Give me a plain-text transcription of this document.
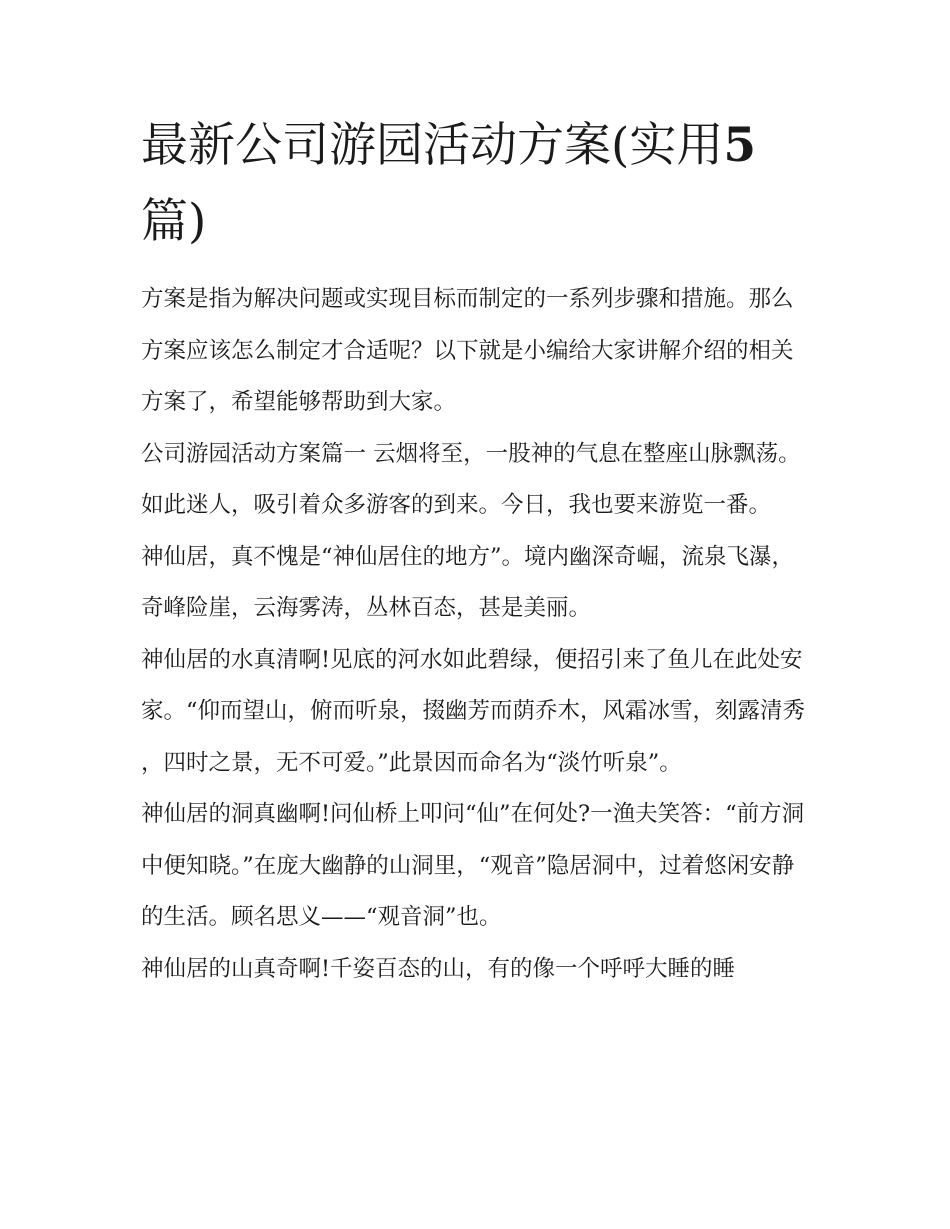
最新公司游园活动方案(实用5篇)

方案是指为解决问题或实现目标而制定的一系列步骤和措施。那么方案应该怎么制定才合适呢？以下就是小编给大家讲解介绍的相关方案了，希望能够帮助到大家。

公司游园活动方案篇一 云烟将至，一股神的气息在整座山脉飘荡。如此迷人，吸引着众多游客的到来。今日，我也要来游览一番。

神仙居，真不愧是“神仙居住的地方”。境内幽深奇崛，流泉飞瀑，奇峰险崖，云海雾涛，丛林百态，甚是美丽。

神仙居的水真清啊!见底的河水如此碧绿，便招引来了鱼儿在此处安家。“仰而望山，俯而听泉，掇幽芳而荫乔木，风霜冰雪，刻露清秀，四时之景，无不可爱。”此景因而命名为“淡竹听泉”。

神仙居的洞真幽啊!问仙桥上叩问“仙”在何处?一渔夫笑答：“前方洞中便知晓。”在庞大幽静的山洞里，“观音”隐居洞中，过着悠闲安静的生活。顾名思义——“观音洞”也。

神仙居的山真奇啊!千姿百态的山，有的像一个呼呼大睡的睡
